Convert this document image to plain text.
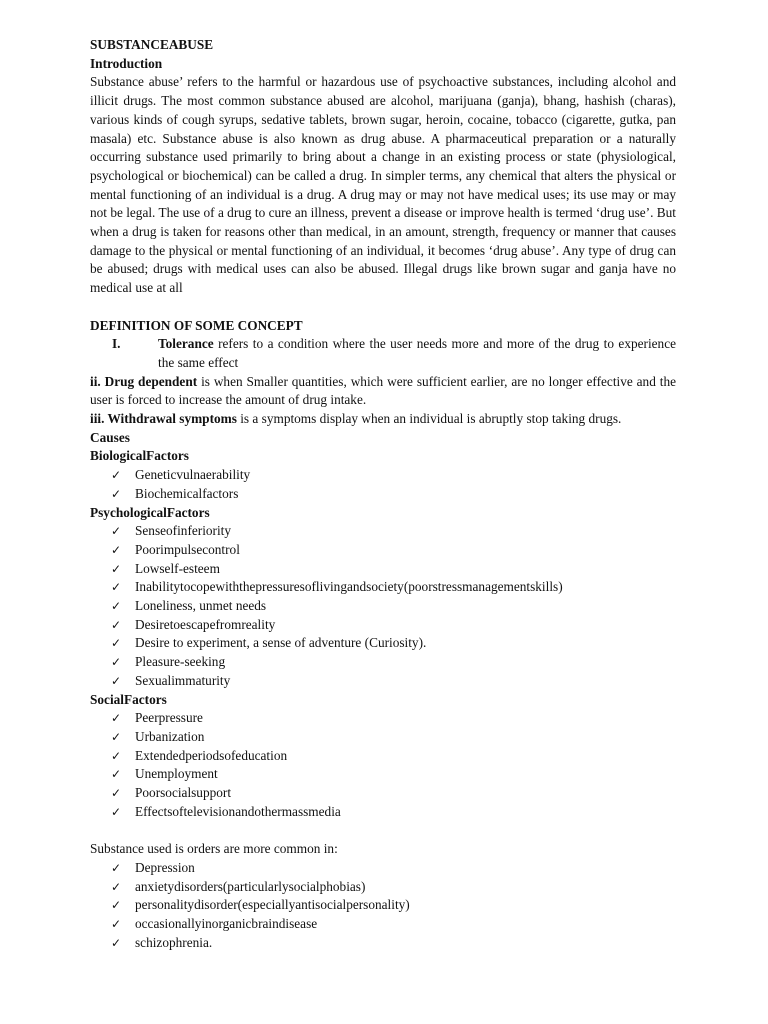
SUBSTANCEABUSE
Introduction
Substance abuse’ refers to the harmful or hazardous use of psychoactive substances, including alcohol and illicit drugs. The most common substance abused are alcohol, marijuana (ganja), bhang, hashish (charas), various kinds of cough syrups, sedative tablets, brown sugar, heroin, cocaine, tobacco (cigarette, gutka, pan masala) etc. Substance abuse is also known as drug abuse. A pharmaceutical preparation or a naturally occurring substance used primarily to bring about a change in an existing process or state (physiological, psychological or biochemical) can be called a drug. In simpler terms, any chemical that alters the physical or mental functioning of an individual is a drug. A drug may or may not have medical uses; its use may or may not be legal. The use of a drug to cure an illness, prevent a disease or improve health is termed ‘drug use’. But when a drug is taken for reasons other than medical, in an amount, strength, frequency or manner that causes damage to the physical or mental functioning of an individual, it becomes ‘drug abuse’. Any type of drug can be abused; drugs with medical uses can also be abused. Illegal drugs like brown sugar and ganja have no medical use at all
DEFINITION OF SOME CONCEPT
I.	Tolerance refers to a condition where the user needs more and more of the drug to experience the same effect
ii. Drug dependent is when Smaller quantities, which were sufficient earlier, are no longer effective and the user is forced to increase the amount of drug intake.
iii. Withdrawal symptoms is a symptoms display when an individual is abruptly stop taking drugs.
Causes
BiologicalFactors
✓	Geneticvulnaerability
✓	Biochemicalfactors
PsychologicalFactors
✓	Senseofinferiority
✓	Poorimpulsecontrol
✓	Lowself-esteem
✓	Inabilitytocopewiththepressuresoflivingandsociety(poorstressmanagementskills)
✓	Loneliness, unmet needs
✓	Desiretoescapefromreality
✓	Desire to experiment, a sense of adventure (Curiosity).
✓	Pleasure-seeking
✓	Sexualimmaturity
SocialFactors
✓	Peerpressure
✓	Urbanization
✓	Extendedperiodsofeducation
✓	Unemployment
✓	Poorsocialsupport
✓	Effectsoftelevisionandothermassmedia
Substance used is orders are more common in:
✓	Depression
✓	anxietydisorders(particularlysocialphobias)
✓	personalitydisorder(especiallyantisocialpersonality)
✓	occasionallyinorganicbraindisease
✓	schizophrenia.
